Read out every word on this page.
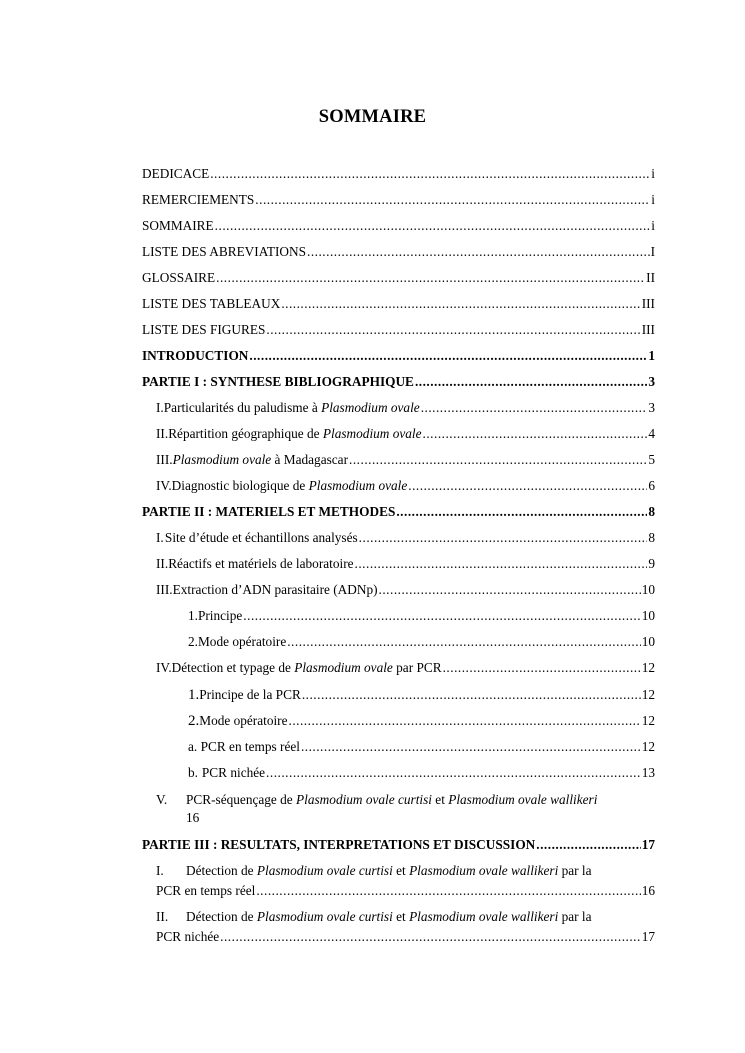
SOMMAIRE
DEDICACE .....	i
REMERCIEMENTS .....	i
SOMMAIRE .....	i
LISTE DES ABREVIATIONS .....	I
GLOSSAIRE .....	II
LISTE DES TABLEAUX .....	III
LISTE DES FIGURES .....	III
INTRODUCTION .....	1
PARTIE I : SYNTHESE BIBLIOGRAPHIQUE .....	3
I. Particularités du paludisme à Plasmodium ovale .....	3
II. Répartition géographique de Plasmodium ovale .....	4
III. Plasmodium ovale à Madagascar .....	5
IV. Diagnostic biologique de Plasmodium ovale .....	6
PARTIE II : MATERIELS ET METHODES .....	8
I. Site d’étude et échantillons analysés .....	8
II. Réactifs et matériels de laboratoire .....	9
III. Extraction d’ADN parasitaire (ADNp) .....	10
1. Principe .....	10
2. Mode opératoire .....	10
IV. Détection et typage de Plasmodium ovale par PCR .....	12
1. Principe de la PCR .....	12
2. Mode opératoire .....	12
a. PCR en temps réel .....	12
b. PCR nichée .....	13
V. PCR-séquençage de Plasmodium ovale curtisi et Plasmodium ovale wallikeri
16
PARTIE III : RESULTATS, INTERPRETATIONS ET DISCUSSION .....	17
I. Détection de Plasmodium ovale curtisi et Plasmodium ovale wallikeri par la
PCR en temps réel .....	16
II. Détection de Plasmodium ovale curtisi et Plasmodium ovale wallikeri par la
PCR nichée .....	17
